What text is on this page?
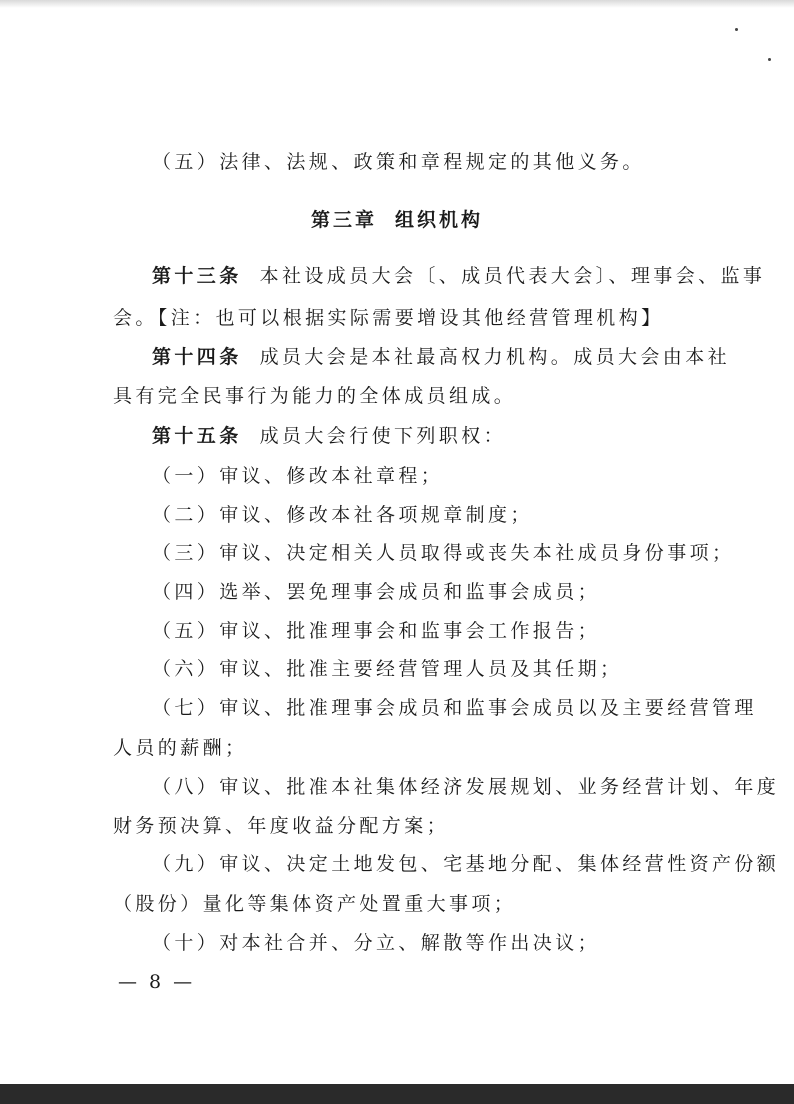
（五）法律、法规、政策和章程规定的其他义务。
第三章 组织机构
第十三条 本社设成员大会〔、成员代表大会〕、理事会、监事
会。【注：也可以根据实际需要增设其他经营管理机构】
第十四条 成员大会是本社最高权力机构。成员大会由本社
具有完全民事行为能力的全体成员组成。
第十五条 成员大会行使下列职权：
（一）审议、修改本社章程；
（二）审议、修改本社各项规章制度；
（三）审议、决定相关人员取得或丧失本社成员身份事项；
（四）选举、罢免理事会成员和监事会成员；
（五）审议、批准理事会和监事会工作报告；
（六）审议、批准主要经营管理人员及其任期；
（七）审议、批准理事会成员和监事会成员以及主要经营管理
人员的薪酬；
（八）审议、批准本社集体经济发展规划、业务经营计划、年度
财务预决算、年度收益分配方案；
（九）审议、决定土地发包、宅基地分配、集体经营性资产份额
（股份）量化等集体资产处置重大事项；
（十）对本社合并、分立、解散等作出决议；
— 8 —
